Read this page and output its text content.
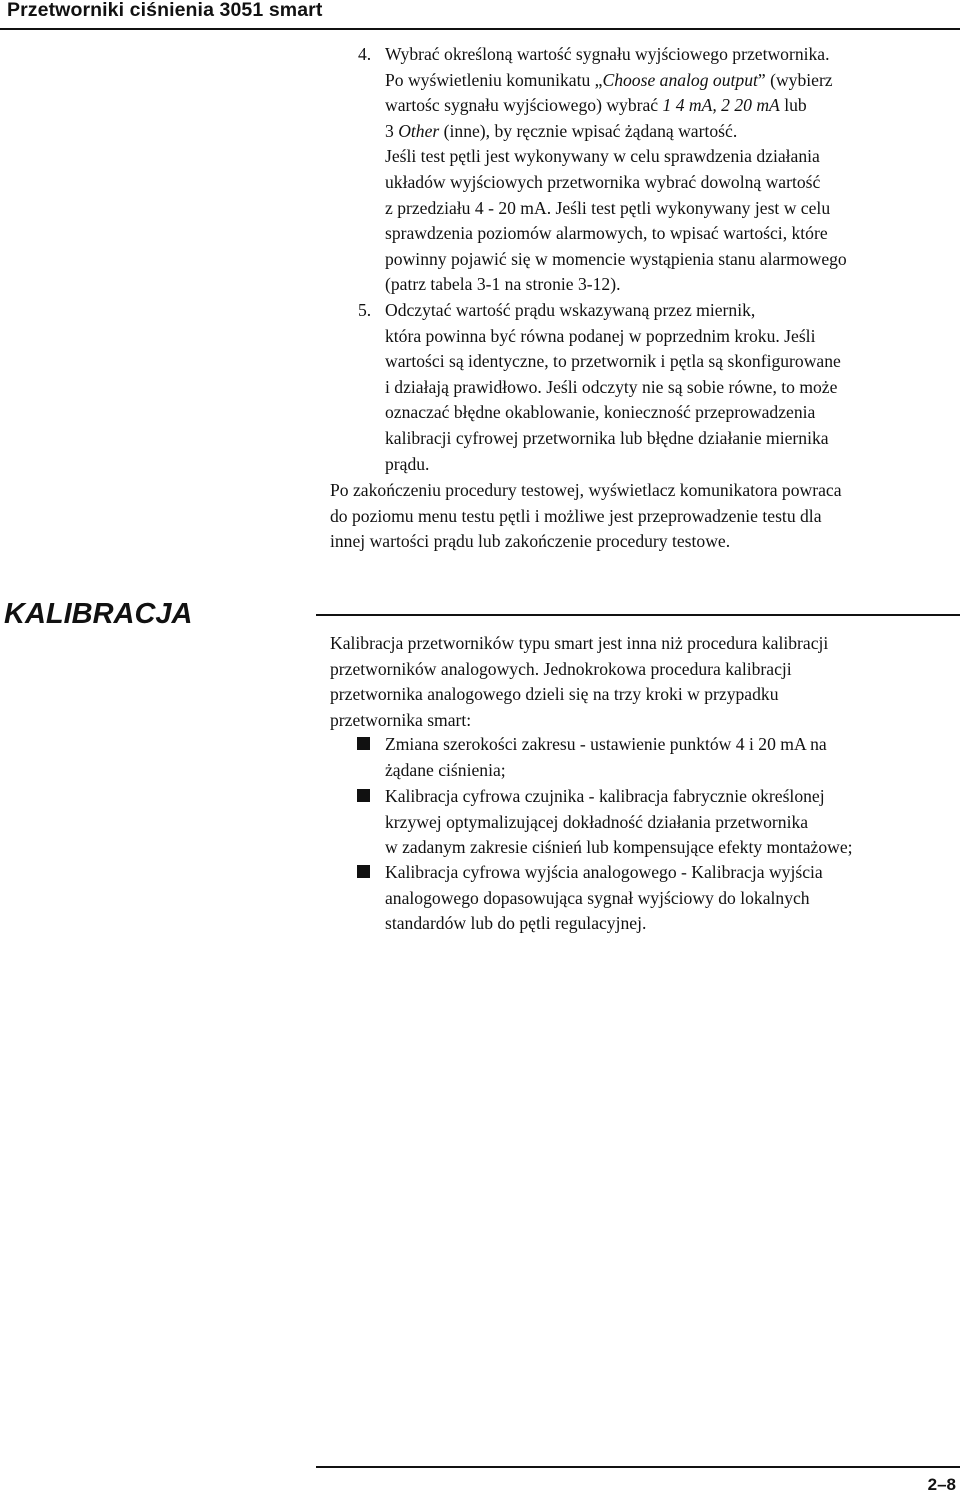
Przetworniki ciśnienia 3051 smart
4. Wybrać określoną wartość sygnału wyjściowego przetwornika.
Po wyświetleniu komunikatu „Choose analog output” (wybierz
wartośc sygnału wyjściowego) wybrać 1 4 mA, 2 20 mA lub
3 Other (inne), by ręcznie wpisać żądaną wartość.
Jeśli test pętli jest wykonywany w celu sprawdzenia działania
układów wyjściowych przetwornika wybrać dowolną wartość
z przedziału 4 - 20 mA. Jeśli test pętli wykonywany jest w celu
sprawdzenia poziomów alarmowych, to wpisać wartości, które
powinny pojawić się w momencie wystąpienia stanu alarmowego
(patrz tabela 3-1 na stronie 3-12).
5. Odczytać wartość prądu wskazywaną przez miernik,
która powinna być równa podanej w poprzednim kroku. Jeśli
wartości są identyczne, to przetwornik i pętla są skonfigurowane
i działają prawidłowo. Jeśli odczyty nie są sobie równe, to może
oznaczać błędne okablowanie, konieczność przeprowadzenia
kalibracji cyfrowej przetwornika lub błędne działanie miernika
prądu.
Po zakończeniu procedury testowej, wyświetlacz komunikatora powraca
do poziomu menu testu pętli i możliwe jest przeprowadzenie testu dla
innej wartości prądu lub zakończenie procedury testowe.
KALIBRACJA
Kalibracja przetworników typu smart jest inna niż procedura kalibracji
przetworników analogowych. Jednokrokowa procedura kalibracji
przetwornika analogowego dzieli się na trzy kroki w przypadku
przetwornika smart:
Zmiana szerokości zakresu - ustawienie punktów 4 i 20 mA na
żądane ciśnienia;
Kalibracja cyfrowa czujnika - kalibracja fabrycznie określonej
krzywej optymalizującej dokładność działania przetwornika
w zadanym zakresie ciśnień lub kompensujące efekty montażowe;
Kalibracja cyfrowa wyjścia analogowego - Kalibracja wyjścia
analogowego dopasowująca sygnał wyjściowy do lokalnych
standardów lub do pętli regulacyjnej.
2–8
